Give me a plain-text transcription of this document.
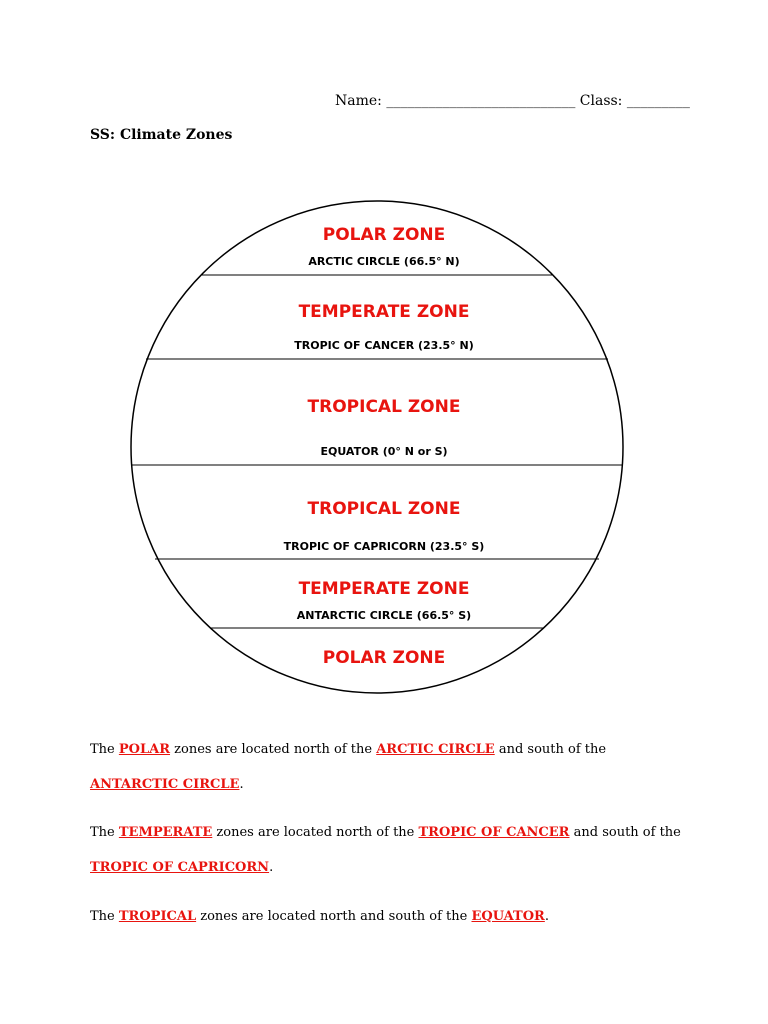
Name: ___________________________ Class: _________
SS: Climate Zones
POLAR ZONE
ARCTIC CIRCLE (66.5° N)
TEMPERATE ZONE
TROPIC OF CANCER (23.5° N)
TROPICAL ZONE
EQUATOR (0° N or S)
TROPICAL ZONE
TROPIC OF CAPRICORN (23.5° S)
TEMPERATE ZONE
ANTARCTIC CIRCLE (66.5° S)
POLAR ZONE
The POLAR zones are located north of the ARCTIC CIRCLE and south of the ANTARCTIC CIRCLE.
The TEMPERATE zones are located north of the TROPIC OF CANCER and south of the TROPIC OF CAPRICORN.
The TROPICAL zones are located north and south of the EQUATOR.
